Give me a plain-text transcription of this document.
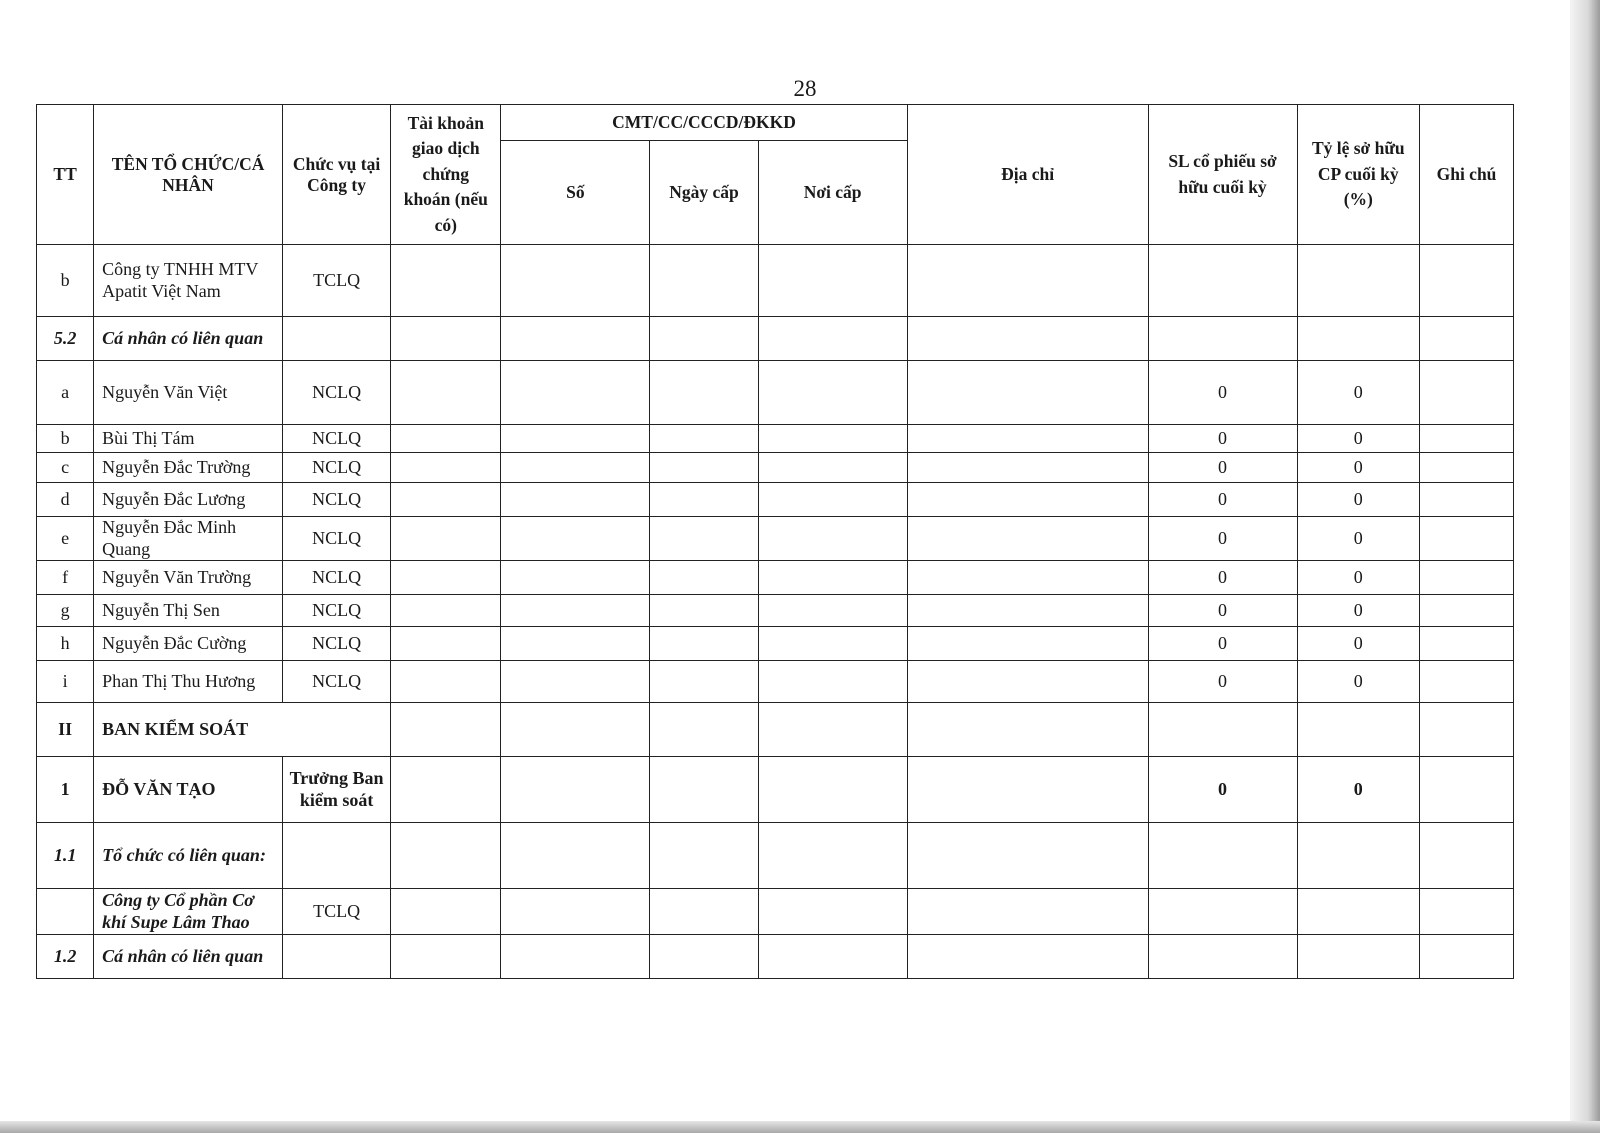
28
TT	TÊN TỔ CHỨC/CÁ NHÂN	Chức vụ tại Công ty	Tài khoản giao dịch chứng khoán (nếu có)	CMT/CC/CCCD/ĐKKD			Địa chỉ	SL cổ phiếu sở hữu cuối kỳ	Tỷ lệ sở hữu CP cuối kỳ (%)	Ghi chú
				Số	Ngày cấp	Nơi cấp				
b	Công ty TNHH MTV Apatit Việt Nam	TCLQ								
5.2	Cá nhân có liên quan									
a	Nguyễn Văn Việt	NCLQ						0	0	
b	Bùi Thị Tám	NCLQ						0	0	
c	Nguyễn Đắc Trường	NCLQ						0	0	
d	Nguyễn Đắc Lương	NCLQ						0	0	
e	Nguyễn Đắc Minh Quang	NCLQ						0	0	
f	Nguyễn Văn Trường	NCLQ						0	0	
g	Nguyễn Thị Sen	NCLQ						0	0	
h	Nguyễn Đắc Cường	NCLQ						0	0	
i	Phan Thị Thu Hương	NCLQ						0	0	
II	BAN KIỂM SOÁT									
1	ĐỖ VĂN TẠO	Trưởng Ban kiểm soát						0	0	
1.1	Tổ chức có liên quan:									
	Công ty Cổ phần Cơ khí Supe Lâm Thao	TCLQ								
1.2	Cá nhân có liên quan									
